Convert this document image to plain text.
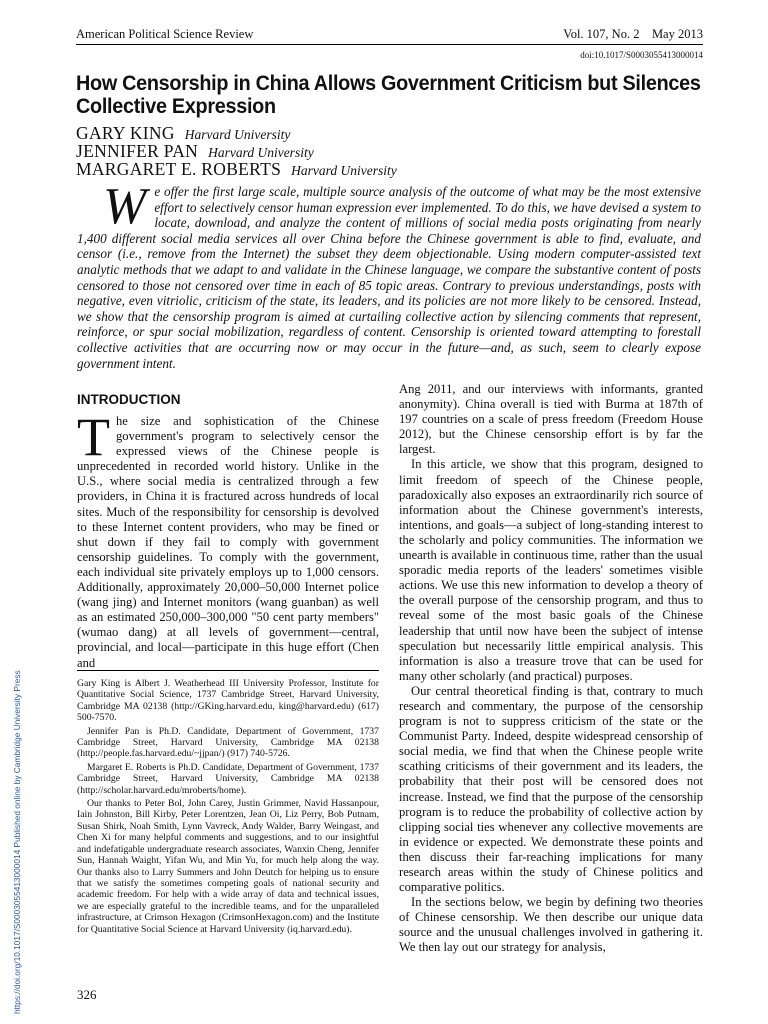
American Political Science Review	Vol. 107, No. 2    May 2013
doi:10.1017/S0003055413000014
How Censorship in China Allows Government Criticism but Silences Collective Expression
GARY KING Harvard University
JENNIFER PAN Harvard University
MARGARET E. ROBERTS Harvard University
We offer the first large scale, multiple source analysis of the outcome of what may be the most extensive effort to selectively censor human expression ever implemented. To do this, we have devised a system to locate, download, and analyze the content of millions of social media posts originating from nearly 1,400 different social media services all over China before the Chinese government is able to find, evaluate, and censor (i.e., remove from the Internet) the subset they deem objectionable. Using modern computer-assisted text analytic methods that we adapt to and validate in the Chinese language, we compare the substantive content of posts censored to those not censored over time in each of 85 topic areas. Contrary to previous understandings, posts with negative, even vitriolic, criticism of the state, its leaders, and its policies are not more likely to be censored. Instead, we show that the censorship program is aimed at curtailing collective action by silencing comments that represent, reinforce, or spur social mobilization, regardless of content. Censorship is oriented toward attempting to forestall collective activities that are occurring now or may occur in the future—and, as such, seem to clearly expose government intent.
INTRODUCTION
The size and sophistication of the Chinese government's program to selectively censor the expressed views of the Chinese people is unprecedented in recorded world history. Unlike in the U.S., where social media is centralized through a few providers, in China it is fractured across hundreds of local sites. Much of the responsibility for censorship is devolved to these Internet content providers, who may be fined or shut down if they fail to comply with government censorship guidelines. To comply with the government, each individual site privately employs up to 1,000 censors. Additionally, approximately 20,000–50,000 Internet police (wang jing) and Internet monitors (wang guanban) as well as an estimated 250,000–300,000 "50 cent party members" (wumao dang) at all levels of government—central, provincial, and local—participate in this huge effort (Chen and

Gary King is Albert J. Weatherhead III University Professor, Institute for Quantitative Social Science, 1737 Cambridge Street, Harvard University, Cambridge MA 02138 (http://GKing.harvard.edu, king@harvard.edu) (617) 500-7570.

Jennifer Pan is Ph.D. Candidate, Department of Government, 1737 Cambridge Street, Harvard University, Cambridge MA 02138 (http://people.fas.harvard.edu/~jjpan/) (917) 740-5726.

Margaret E. Roberts is Ph.D. Candidate, Department of Government, 1737 Cambridge Street, Harvard University, Cambridge MA 02138 (http://scholar.harvard.edu/mroberts/home).

Our thanks to Peter Bol, John Carey, Justin Grimmer, Navid Hassanpour, Iain Johnston, Bill Kirby, Peter Lorentzen, Jean Oi, Liz Perry, Bob Putnam, Susan Shirk, Noah Smith, Lynn Vavreck, Andy Walder, Barry Weingast, and Chen Xi for many helpful comments and suggestions, and to our insightful and indefatigable undergraduate research associates, Wanxin Cheng, Jennifer Sun, Hannah Waight, Yifan Wu, and Min Yu, for much help along the way. Our thanks also to Larry Summers and John Deutch for helping us to ensure that we satisfy the sometimes competing goals of national security and academic freedom. For help with a wide array of data and technical issues, we are especially grateful to the incredible teams, and for the unparalleled infrastructure, at Crimson Hexagon (CrimsonHexagon.com) and the Institute for Quantitative Social Science at Harvard University (iq.harvard.edu).

Ang 2011, and our interviews with informants, granted anonymity). China overall is tied with Burma at 187th of 197 countries on a scale of press freedom (Freedom House 2012), but the Chinese censorship effort is by far the largest.

In this article, we show that this program, designed to limit freedom of speech of the Chinese people, paradoxically also exposes an extraordinarily rich source of information about the Chinese government's interests, intentions, and goals—a subject of long-standing interest to the scholarly and policy communities. The information we unearth is available in continuous time, rather than the usual sporadic media reports of the leaders' sometimes visible actions. We use this new information to develop a theory of the overall purpose of the censorship program, and thus to reveal some of the most basic goals of the Chinese leadership that until now have been the subject of intense speculation but necessarily little empirical analysis. This information is also a treasure trove that can be used for many other scholarly (and practical) purposes.

Our central theoretical finding is that, contrary to much research and commentary, the purpose of the censorship program is not to suppress criticism of the state or the Communist Party. Indeed, despite widespread censorship of social media, we find that when the Chinese people write scathing criticisms of their government and its leaders, the probability that their post will be censored does not increase. Instead, we find that the purpose of the censorship program is to reduce the probability of collective action by clipping social ties whenever any collective movements are in evidence or expected. We demonstrate these points and then discuss their far-reaching implications for many research areas within the study of Chinese politics and comparative politics.

In the sections below, we begin by defining two theories of Chinese censorship. We then describe our unique data source and the unusual challenges involved in gathering it. We then lay out our strategy for analysis,

326
https://doi.org/10.1017/S0003055413000014 Published online by Cambridge University Press
